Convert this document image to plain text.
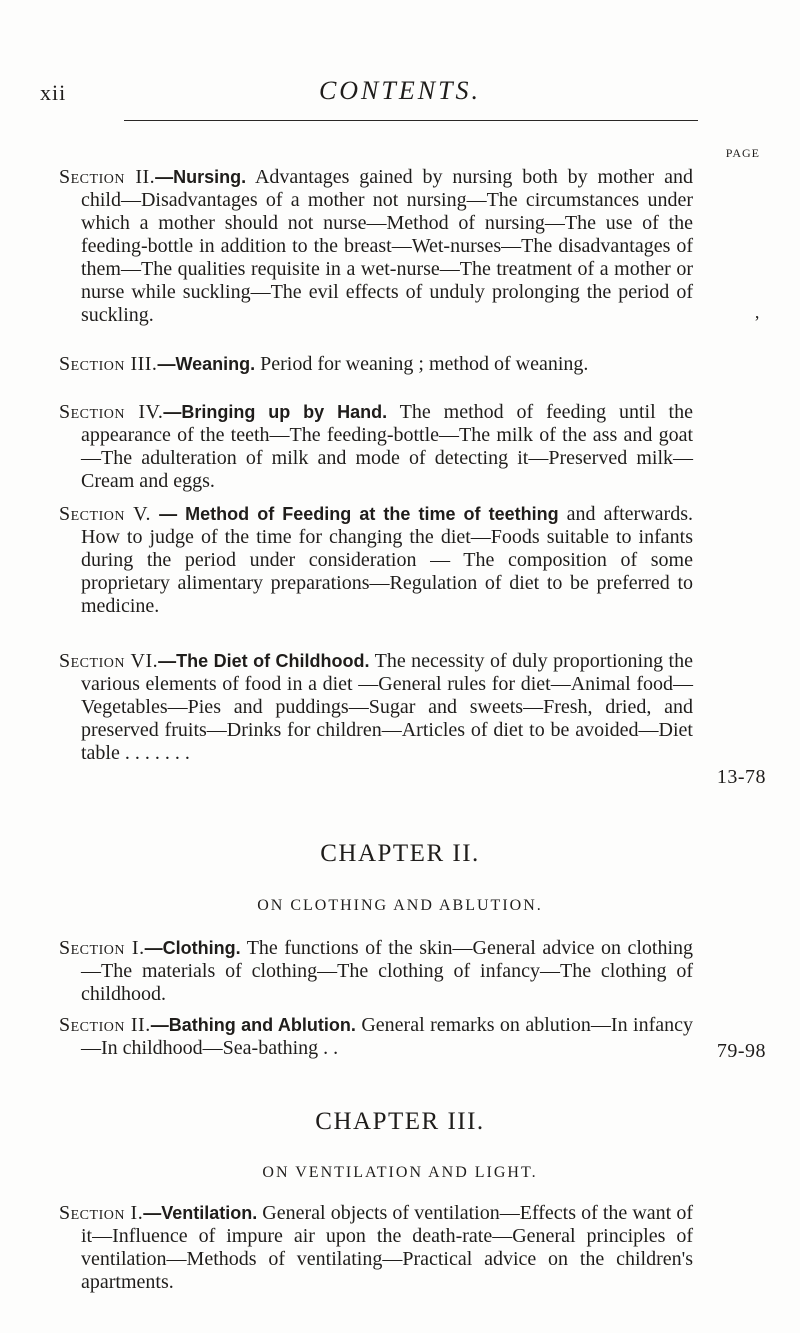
xii	CONTENTS.
PAGE
Section II.—Nursing. Advantages gained by nursing both by mother and child—Disadvantages of a mother not nursing—The circumstances under which a mother should not nurse—Method of nursing—The use of the feeding-bottle in addition to the breast—Wet-nurses—The disadvantages of them—The qualities requisite in a wet-nurse—The treatment of a mother or nurse while suckling—The evil effects of unduly prolonging the period of suckling.
Section III.—Weaning. Period for weaning ; method of weaning.
’
Section IV.—Bringing up by Hand. The method of feeding until the appearance of the teeth—The feeding-bottle—The milk of the ass and goat—The adulteration of milk and mode of detecting it—Preserved milk—Cream and eggs.
Section V. — Method of Feeding at the time of teething and afterwards. How to judge of the time for changing the diet—Foods suitable to infants during the period under consideration — The composition of some proprietary alimentary preparations—Regulation of diet to be preferred to medicine.
Section VI.—The Diet of Childhood. The necessity of duly proportioning the various elements of food in a diet —General rules for diet—Animal food—Vegetables—Pies and puddings—Sugar and sweets—Fresh, dried, and preserved fruits—Drinks for children—Articles of diet to be avoided—Diet table . . . . . . .
13-78
CHAPTER II.
ON CLOTHING AND ABLUTION.
Section I.—Clothing. The functions of the skin—General advice on clothing—The materials of clothing—The clothing of infancy—The clothing of childhood.
Section II.—Bathing and Ablution. General remarks on ablution—In infancy—In childhood—Sea-bathing . .	79-98
CHAPTER III.
ON VENTILATION AND LIGHT.
Section I.—Ventilation. General objects of ventilation—Effects of the want of it—Influence of impure air upon the death-rate—General principles of ventilation—Methods of ventilating—Practical advice on the children's apartments.
